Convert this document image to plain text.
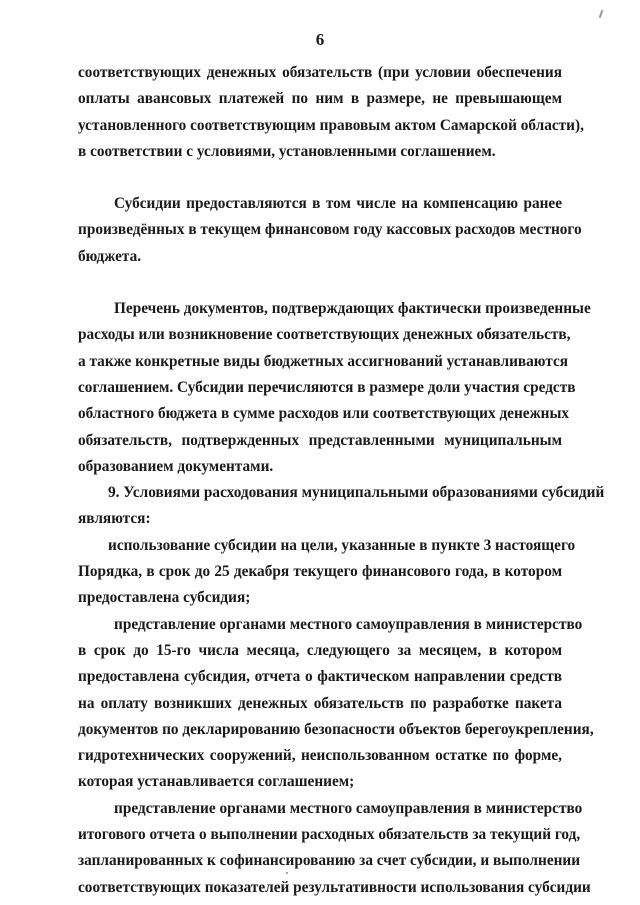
6

соответствующих денежных обязательств (при условии обеспечения
оплаты авансовых платежей по ним в размере, не превышающем
установленного соответствующим правовым актом Самарской области),
в соответствии с условиями, установленными соглашением.

Субсидии предоставляются в том числе на компенсацию ранее
произведённых в текущем финансовом году кассовых расходов местного
бюджета.

Перечень документов, подтверждающих фактически произведенные
расходы или возникновение соответствующих денежных обязательств,
а также конкретные виды бюджетных ассигнований устанавливаются
соглашением. Субсидии перечисляются в размере доли участия средств
областного бюджета в сумме расходов или соответствующих денежных
обязательств, подтвержденных представленными муниципальным
образованием документами.

9. Условиями расходования муниципальными образованиями субсидий
являются:

использование субсидии на цели, указанные в пункте 3 настоящего
Порядка, в срок до 25 декабря текущего финансового года, в котором
предоставлена субсидия;

представление органами местного самоуправления в министерство
в срок до 15-го числа месяца, следующего за месяцем, в котором
предоставлена субсидия, отчета о фактическом направлении средств
на оплату возникших денежных обязательств по разработке пакета
документов по декларированию безопасности объектов берегоукрепления,
гидротехнических сооружений, неиспользованном остатке по форме,
которая устанавливается соглашением;

представление органами местного самоуправления в министерство
итогового отчета о выполнении расходных обязательств за текущий год,
запланированных к софинансированию за счет субсидии, и выполнении
соответствующих показателей результативности использования субсидии
